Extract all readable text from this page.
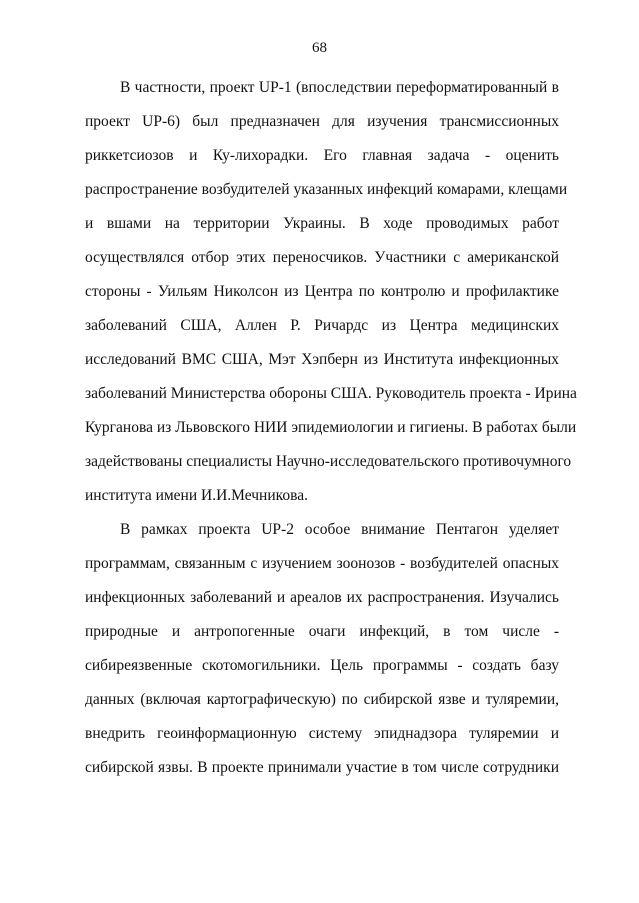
68
В частности, проект UP-1 (впоследствии переформатированный в
проект UP-6) был предназначен для изучения трансмиссионных
риккетсиозов и Ку-лихорадки. Его главная задача - оценить
распространение возбудителей указанных инфекций комарами, клещами
и вшами на территории Украины. В ходе проводимых работ
осуществлялся отбор этих переносчиков. Участники с американской
стороны - Уильям Николсон из Центра по контролю и профилактике
заболеваний США, Аллен Р. Ричардс из Центра медицинских
исследований ВМС США, Мэт Хэпберн из Института инфекционных
заболеваний Министерства обороны США. Руководитель проекта - Ирина
Курганова из Львовского НИИ эпидемиологии и гигиены. В работах были
задействованы специалисты Научно-исследовательского противочумного
института имени И.И.Мечникова.
В рамках проекта UP-2 особое внимание Пентагон уделяет
программам, связанным с изучением зоонозов - возбудителей опасных
инфекционных заболеваний и ареалов их распространения. Изучались
природные и антропогенные очаги инфекций, в том числе -
сибиреязвенные скотомогильники. Цель программы - создать базу
данных (включая картографическую) по сибирской язве и туляремии,
внедрить геоинформационную систему эпиднадзора туляремии и
сибирской язвы. В проекте принимали участие в том числе сотрудники
